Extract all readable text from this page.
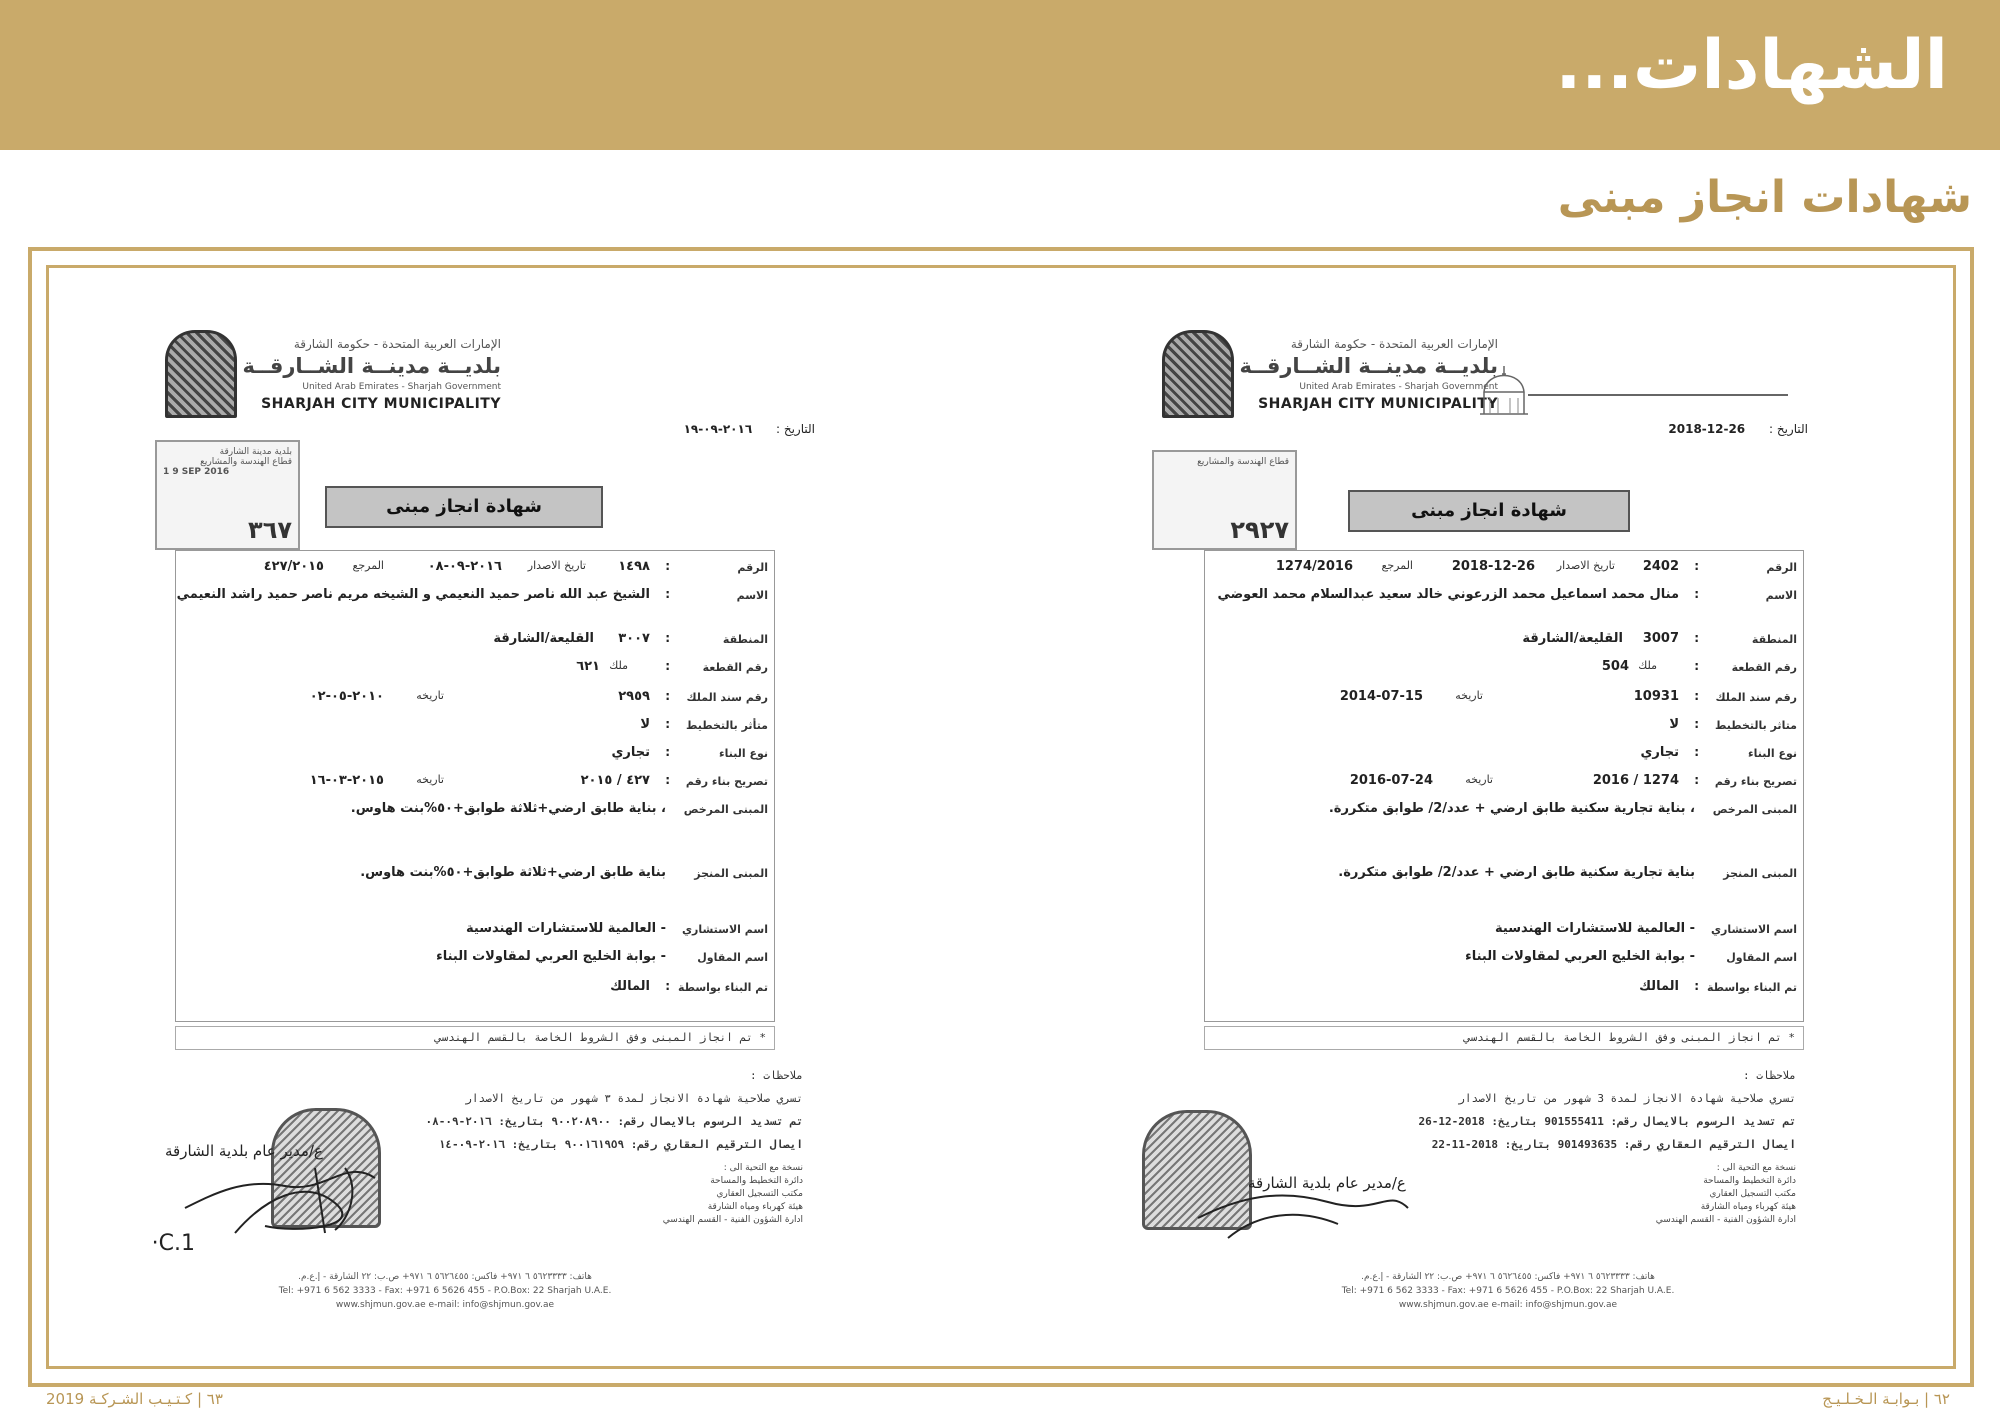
الشهادات...
شهادات انجاز مبنى
الإمارات العربية المتحدة - حكومة الشارقة
بلديــة مدينــة الشــارقــة
United Arab Emirates - Sharjah Government
SHARJAH CITY MUNICIPALITY
التاريخ : ٢٠١٦-٠٩-١٩
بلدية مدينة الشارقة
قطاع الهندسة والمشاريع
1 9 SEP 2016
٣٦٧
شهادة انجاز مبنى
الرقم
:
١٤٩٨
تاريخ الاصدار
٢٠١٦-٠٩-٠٨
المرجع
٤٢٧/٢٠١٥
الاسم
:
الشيخ عبد الله ناصر حميد النعيمي و الشيخه مريم ناصر حميد راشد النعيمي
المنطقة
:
٣٠٠٧
القليعة/الشارقة
رقم القطعة
:
ملك
٦٢١
رقم سند الملك
:
٢٩٥٩
تاريخه
٢٠١٠-٠٥-٠٢
متأثر بالتخطيط
:
لا
نوع البناء
:
تجاري
تصريح بناء رقم
:
٤٢٧ / ٢٠١٥
تاريخه
٢٠١٥-٠٣-١٦
المبنى المرخص
، بناية طابق ارضي+ثلاثة طوابق+٥٠%بنت هاوس.
المبنى المنجز
بناية طابق ارضي+ثلاثة طوابق+٥٠%بنت هاوس.
اسم الاستشاري
- العالمية للاستشارات الهندسية
اسم المقاول
- بوابة الخليج العربي لمقاولات البناء
تم البناء بواسطة
:
المالك
* تم انجاز المبنى وفق الشروط الخاصة بالقسم الهندسي
ملاحظات :
تسري صلاحية شهادة الانجاز لمدة ٣ شهور من تاريخ الاصدار
تم تسديد الرسوم بالايصال رقم: ٩٠٠٢٠٨٩٠٠ بتاريخ: ٢٠١٦-٠٩-٠٨
ايصال الترقيم العقاري رقم: ٩٠٠١٦١٩٥٩ بتاريخ: ٢٠١٦-٠٩-١٤
نسخة مع التحية الى :
دائرة التخطيط والمساحة
مكتب التسجيل العقاري
هيئة كهرباء ومياه الشارقة
ادارة الشؤون الفنية - القسم الهندسي
ع/مدير عام بلدية الشارقة
C.1·
هاتف: ٥٦٢٣٣٣٣ ٦ ٩٧١+ فاكس: ٥٦٢٦٤٥٥ ٦ ٩٧١+ ص.ب: ٢٢ الشارقة - إ.ع.م.
Tel: +971 6 562 3333 - Fax: +971 6 5626 455 - P.O.Box: 22 Sharjah U.A.E.
www.shjmun.gov.ae e-mail: info@shjmun.gov.ae
الإمارات العربية المتحدة - حكومة الشارقة
بلديــة مدينــة الشــارقــة
United Arab Emirates - Sharjah Government
SHARJAH CITY MUNICIPALITY
التاريخ : 2018-12-26
قطاع الهندسة والمشاريع
٢٩٢٧
شهادة انجاز مبنى
الرقم
:
2402
تاريخ الاصدار
2018-12-26
المرجع
1274/2016
الاسم
:
منال محمد اسماعيل محمد الزرعوني خالد سعيد عبدالسلام محمد العوضي
المنطقة
:
3007
القليعة/الشارقة
رقم القطعة
:
ملك
504
رقم سند الملك
:
10931
تاريخه
2014-07-15
متاثر بالتخطيط
:
لا
نوع البناء
:
تجاري
تصريح بناء رقم
:
1274 / 2016
تاريخه
2016-07-24
المبنى المرخص
، بناية تجارية سكنية طابق ارضي + عدد/2/ طوابق متكررة.
المبنى المنجز
بناية تجارية سكنية طابق ارضي + عدد/2/ طوابق متكررة.
اسم الاستشاري
- العالمية للاستشارات الهندسية
اسم المقاول
- بوابة الخليج العربي لمقاولات البناء
تم البناء بواسطة
:
المالك
* تم انجاز المبنى وفق الشروط الخاصة بالقسم الهندسي
ملاحظات :
تسري صلاحية شهادة الانجاز لمدة 3 شهور من تاريخ الاصدار
تم تسديد الرسوم بالايصال رقم: 901555411 بتاريخ: 2018-12-26
ايصال الترقيم العقاري رقم: 901493635 بتاريخ: 2018-11-22
نسخة مع التحية الى :
دائرة التخطيط والمساحة
مكتب التسجيل العقاري
هيئة كهرباء ومياه الشارقة
ادارة الشؤون الفنية - القسم الهندسي
ع/مدير عام بلدية الشارقة
هاتف: ٥٦٢٣٣٣٣ ٦ ٩٧١+ فاكس: ٥٦٢٦٤٥٥ ٦ ٩٧١+ ص.ب: ٢٢ الشارقة - إ.ع.م.
Tel: +971 6 562 3333 - Fax: +971 6 5626 455 - P.O.Box: 22 Sharjah U.A.E.
www.shjmun.gov.ae e-mail: info@shjmun.gov.ae
٦٣ | كـتـيـب الشـركـة 2019	٦٢ | بـوابـة الـخـلـيـج
